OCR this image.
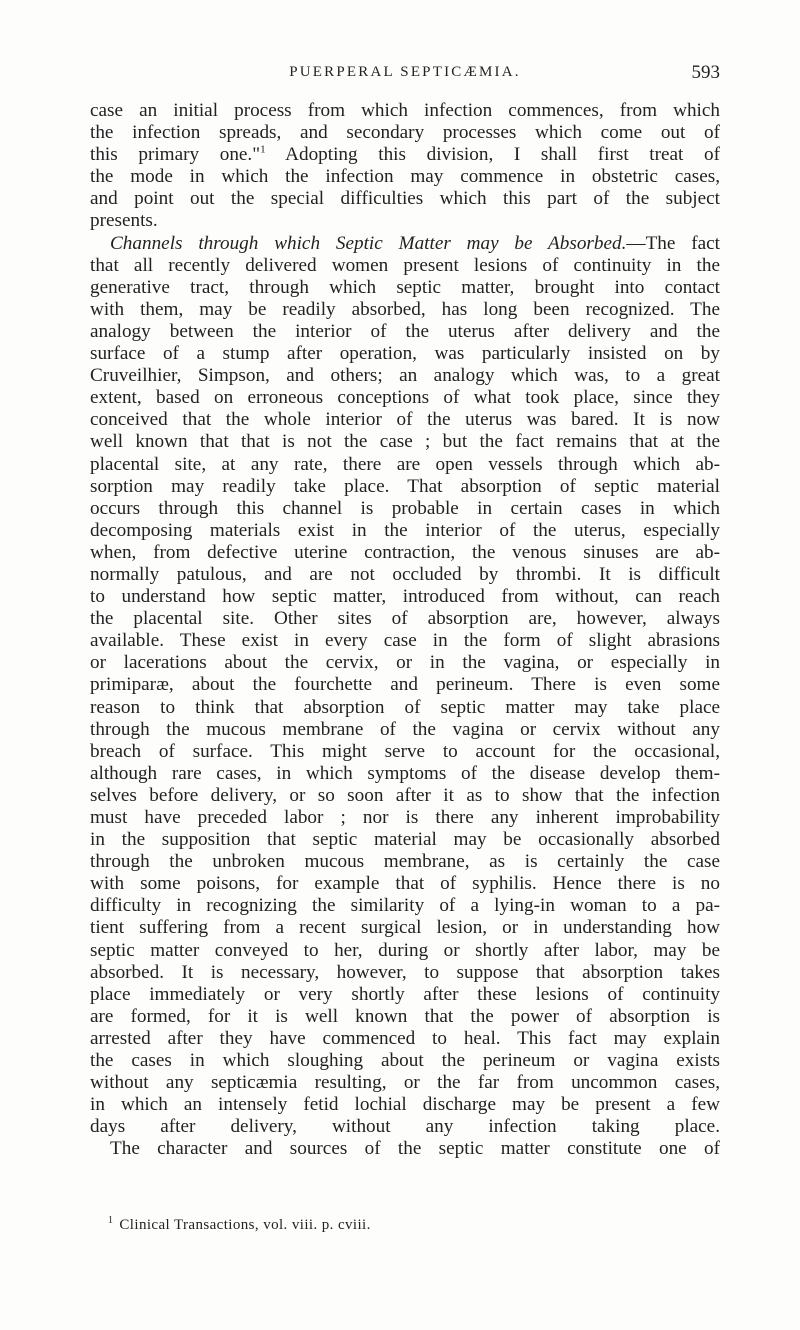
PUERPERAL SEPTICÆMIA.	593
case an initial process from which infection commences, from which
the infection spreads, and secondary processes which come out of
this primary one."$^1$ Adopting this division, I shall first treat of
the mode in which the infection may commence in obstetric cases,
and point out the special difficulties which this part of the subject
presents.
Channels through which Septic Matter may be Absorbed.—The fact
that all recently delivered women present lesions of continuity in the
generative tract, through which septic matter, brought into contact
with them, may be readily absorbed, has long been recognized. The
analogy between the interior of the uterus after delivery and the
surface of a stump after operation, was particularly insisted on by
Cruveilhier, Simpson, and others; an analogy which was, to a great
extent, based on erroneous conceptions of what took place, since they
conceived that the whole interior of the uterus was bared. It is now
well known that that is not the case ; but the fact remains that at the
placental site, at any rate, there are open vessels through which ab-
sorption may readily take place. That absorption of septic material
occurs through this channel is probable in certain cases in which
decomposing materials exist in the interior of the uterus, especially
when, from defective uterine contraction, the venous sinuses are ab-
normally patulous, and are not occluded by thrombi. It is difficult
to understand how septic matter, introduced from without, can reach
the placental site. Other sites of absorption are, however, always
available. These exist in every case in the form of slight abrasions
or lacerations about the cervix, or in the vagina, or especially in
primiparæ, about the fourchette and perineum. There is even some
reason to think that absorption of septic matter may take place
through the mucous membrane of the vagina or cervix without any
breach of surface. This might serve to account for the occasional,
although rare cases, in which symptoms of the disease develop them-
selves before delivery, or so soon after it as to show that the infection
must have preceded labor ; nor is there any inherent improbability
in the supposition that septic material may be occasionally absorbed
through the unbroken mucous membrane, as is certainly the case
with some poisons, for example that of syphilis. Hence there is no
difficulty in recognizing the similarity of a lying-in woman to a pa-
tient suffering from a recent surgical lesion, or in understanding how
septic matter conveyed to her, during or shortly after labor, may be
absorbed. It is necessary, however, to suppose that absorption takes
place immediately or very shortly after these lesions of continuity
are formed, for it is well known that the power of absorption is
arrested after they have commenced to heal. This fact may explain
the cases in which sloughing about the perineum or vagina exists
without any septicæmia resulting, or the far from uncommon cases,
in which an intensely fetid lochial discharge may be present a few
days after delivery, without any infection taking place.
The character and sources of the septic matter constitute one of
$^1$ Clinical Transactions, vol. viii. p. cviii.
